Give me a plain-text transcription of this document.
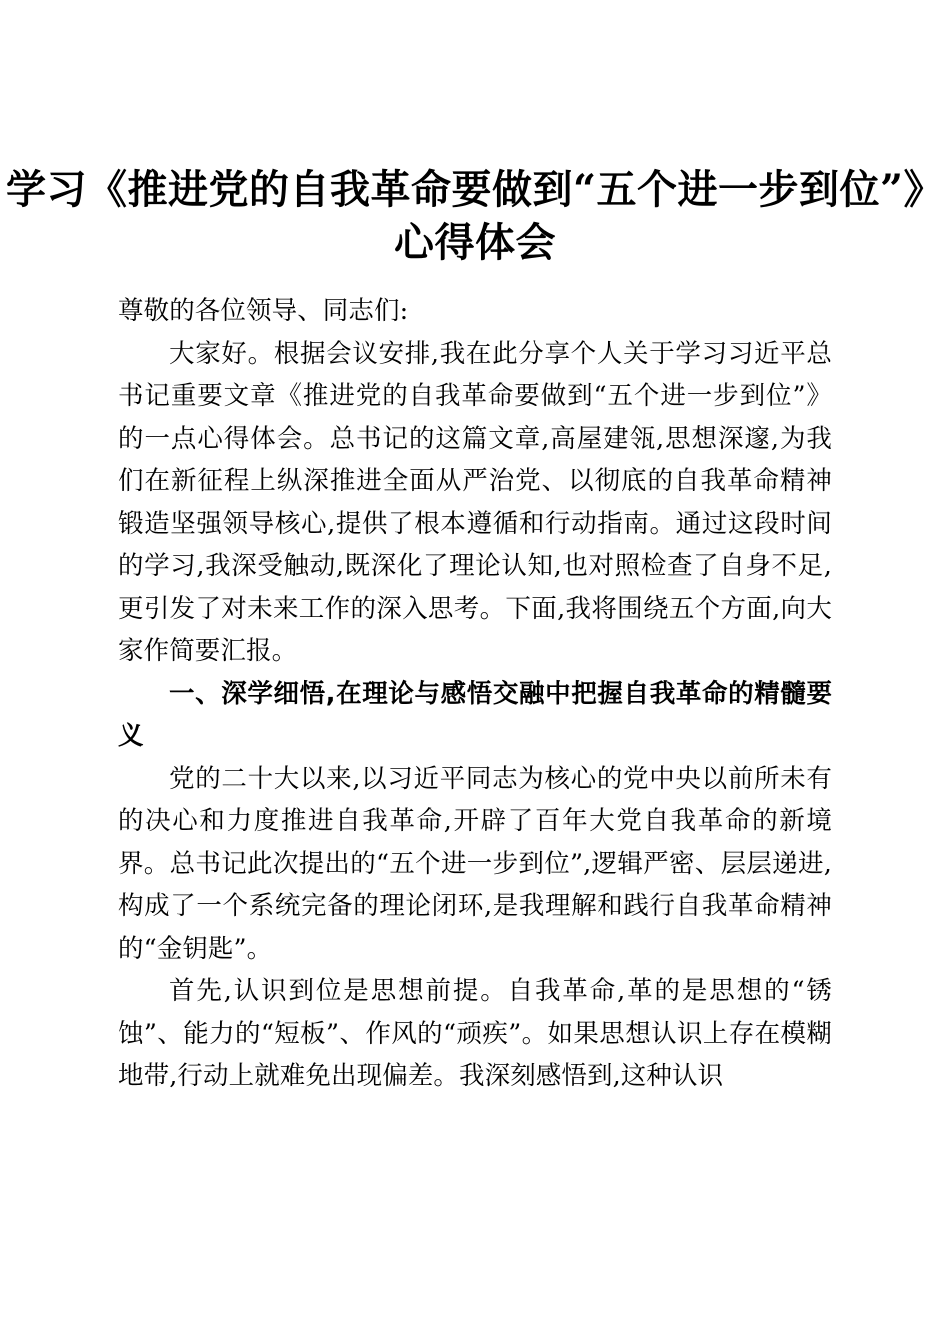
学习《推进党的自我革命要做到“五个进一步到位”》心得体会

尊敬的各位领导、同志们:

大家好。根据会议安排,我在此分享个人关于学习习近平总书记重要文章《推进党的自我革命要做到“五个进一步到位”》的一点心得体会。总书记的这篇文章,高屋建瓴,思想深邃,为我们在新征程上纵深推进全面从严治党、以彻底的自我革命精神锻造坚强领导核心,提供了根本遵循和行动指南。通过这段时间的学习,我深受触动,既深化了理论认知,也对照检查了自身不足,更引发了对未来工作的深入思考。下面,我将围绕五个方面,向大家作简要汇报。

一、深学细悟,在理论与感悟交融中把握自我革命的精髓要义

党的二十大以来,以习近平同志为核心的党中央以前所未有的决心和力度推进自我革命,开辟了百年大党自我革命的新境界。总书记此次提出的“五个进一步到位”,逻辑严密、层层递进,构成了一个系统完备的理论闭环,是我理解和践行自我革命精神的“金钥匙”。

首先,认识到位是思想前提。自我革命,革的是思想的“锈蚀”、能力的“短板”、作风的“顽疾”。如果思想认识上存在模糊地带,行动上就难免出现偏差。我深刻感悟到,这种认识
